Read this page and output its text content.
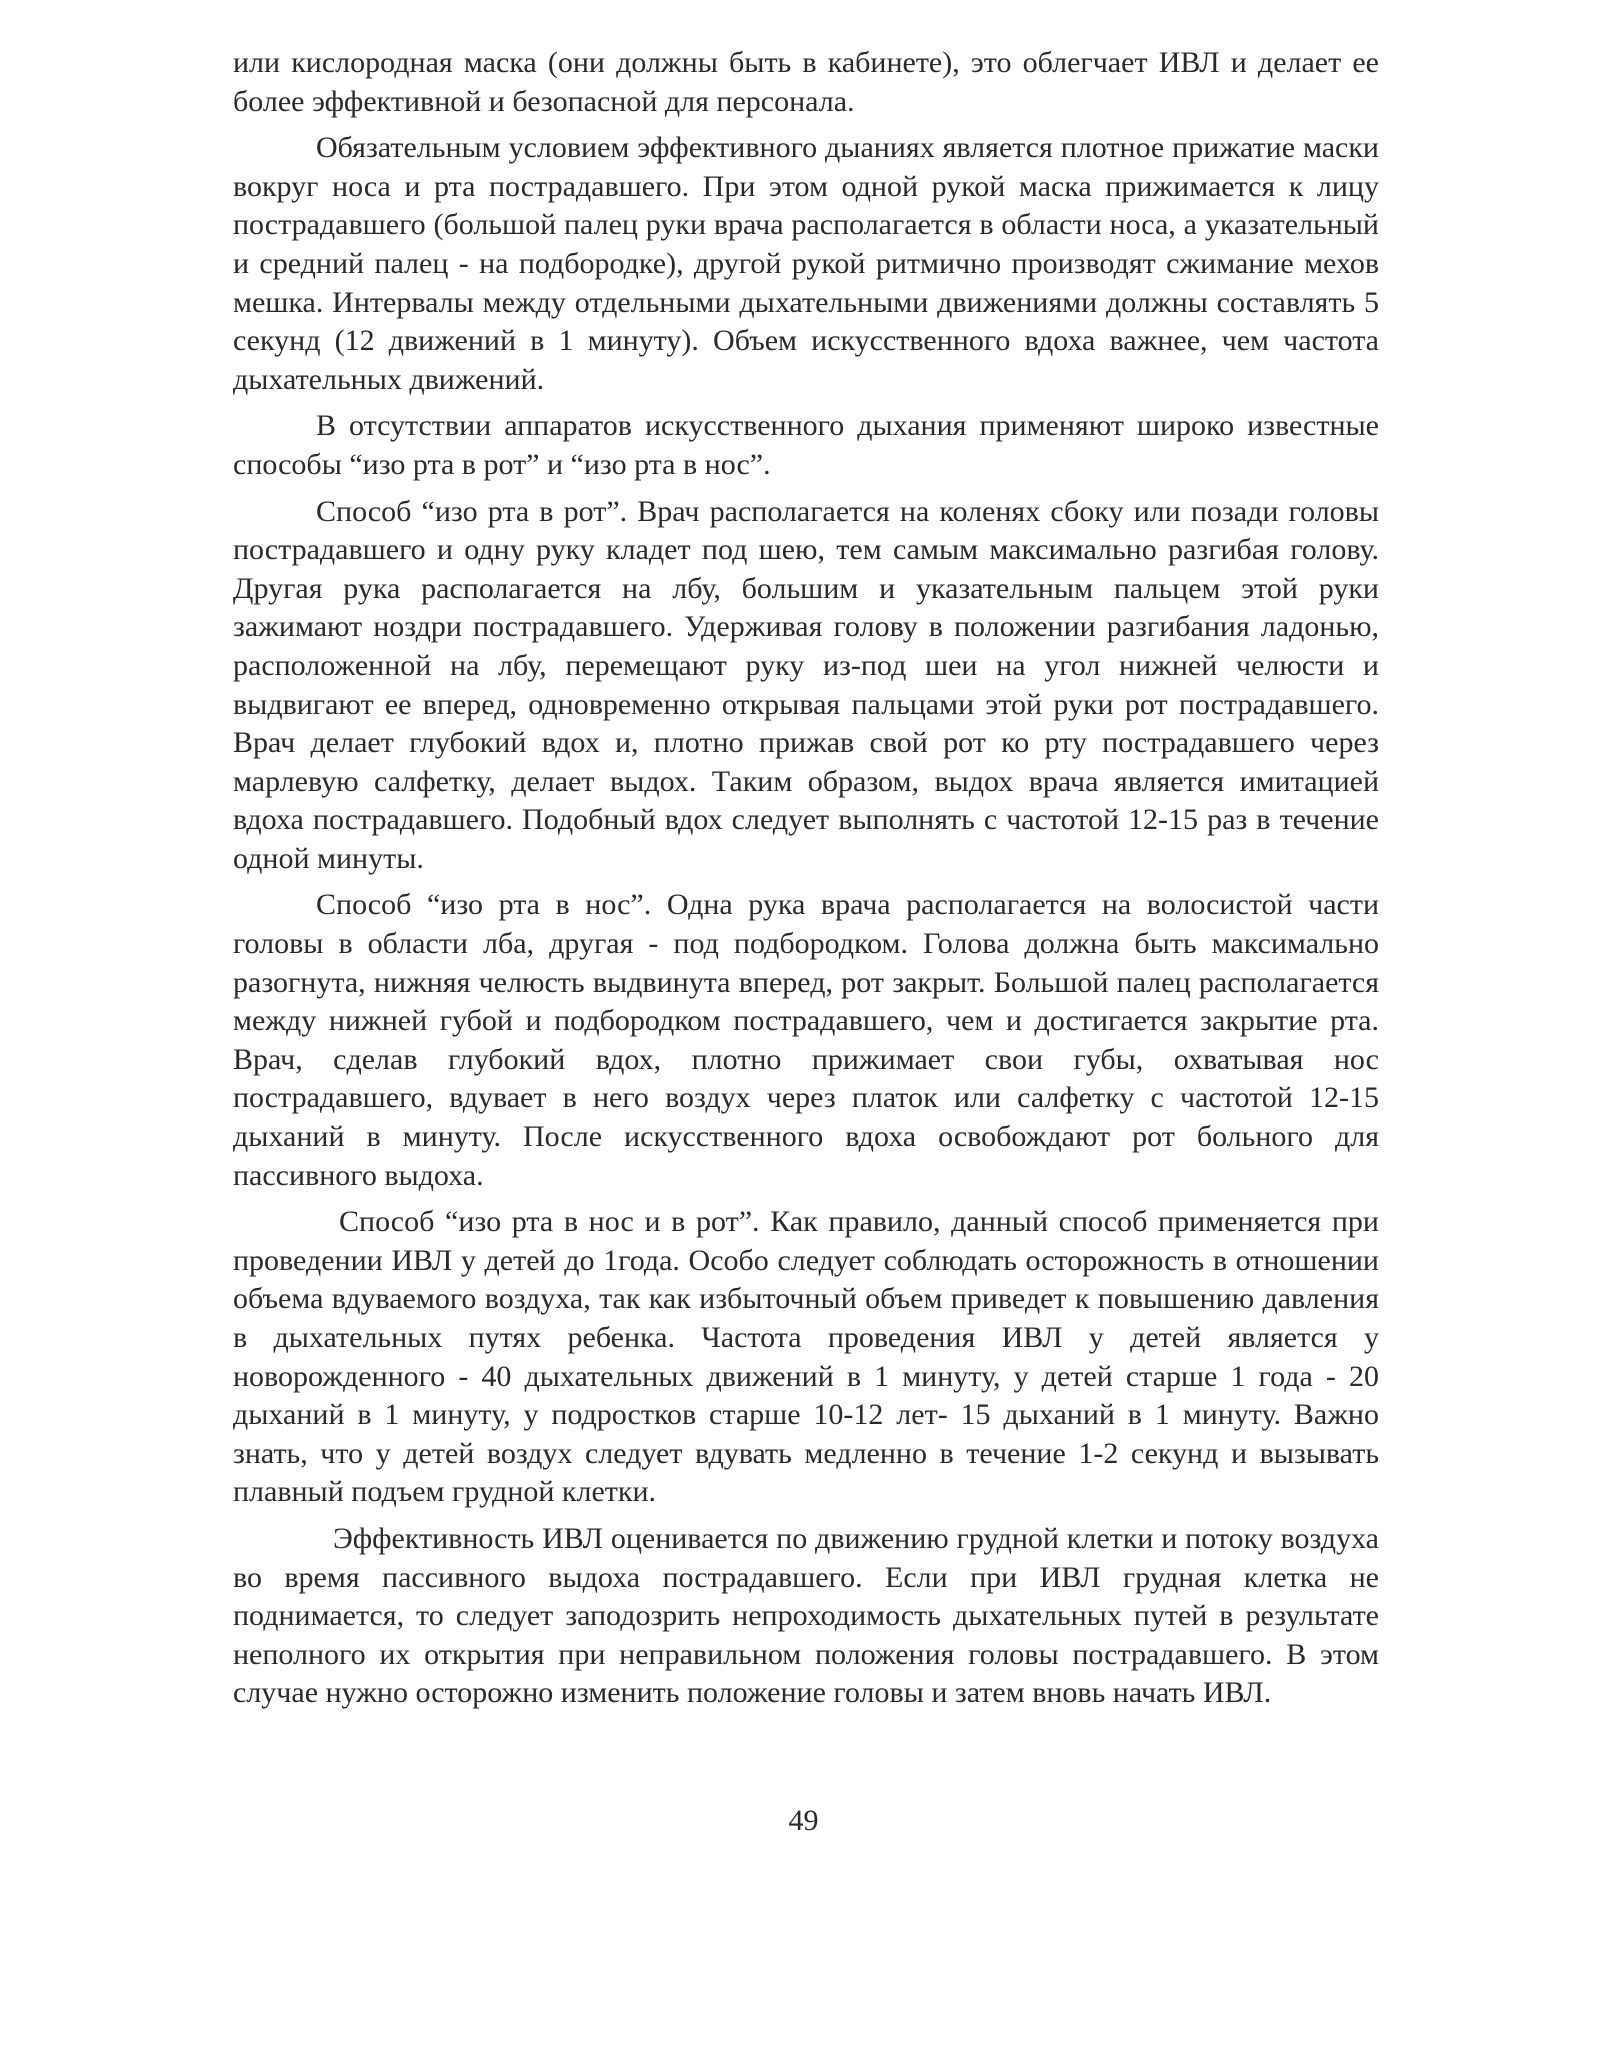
или кислородная маска (они должны быть в кабинете), это облегчает ИВЛ и делает ее более эффективной и безопасной для персонала.

Обязательным условием эффективного дыаниях является плотное прижатие маски вокруг носа и рта пострадавшего. При этом одной рукой маска прижимается к лицу пострадавшего (большой палец руки врача располагается в области носа, а указательный и средний палец - на подбородке), другой рукой ритмично производят сжимание мехов мешка. Интервалы между отдельными дыхательными движениями должны составлять 5 секунд (12 движений в 1 минуту). Объем искусственного вдоха важнее, чем частота дыхательных движений.

В отсутствии аппаратов искусственного дыхания применяют широко известные способы “изо рта в рот” и “изо рта в нос”.

Способ “изо рта в рот”. Врач располагается на коленях сбоку или позади головы пострадавшего и одну руку кладет под шею, тем самым максимально разгибая голову. Другая рука располагается на лбу, большим и указательным пальцем этой руки зажимают ноздри пострадавшего. Удерживая голову в положении разгибания ладонью, расположенной на лбу, перемещают руку из-под шеи на угол нижней челюсти и выдвигают ее вперед, одновременно открывая пальцами этой руки рот пострадавшего. Врач делает глубокий вдох и, плотно прижав свой рот ко рту пострадавшего через марлевую салфетку, делает выдох. Таким образом, выдох врача является имитацией вдоха пострадавшего. Подобный вдох следует выполнять с частотой 12-15 раз в течение одной минуты.

Способ “изо рта в нос”. Одна рука врача располагается на волосистой части головы в области лба, другая - под подбородком. Голова должна быть максимально разогнута, нижняя челюсть выдвинута вперед, рот закрыт. Большой палец располагается между нижней губой и подбородком пострадавшего, чем и достигается закрытие рта. Врач, сделав глубокий вдох, плотно прижимает свои губы, охватывая нос пострадавшего, вдувает в него воздух через платок или салфетку с частотой 12-15 дыханий в минуту. После искусственного вдоха освобождают рот больного для пассивного выдоха.

Способ “изо рта в нос и в рот”. Как правило, данный способ применяется при проведении ИВЛ у детей до 1года. Особо следует соблюдать осторожность в отношении объема вдуваемого воздуха, так как избыточный объем приведет к повышению давления в дыхательных путях ребенка. Частота проведения ИВЛ у детей является у новорожденного - 40 дыхательных движений в 1 минуту, у детей старше 1 года - 20 дыханий в 1 минуту, у подростков старше 10-12 лет- 15 дыханий в 1 минуту. Важно знать, что у детей воздух следует вдувать медленно в течение 1-2 секунд и вызывать плавный подъем грудной клетки.

Эффективность ИВЛ оценивается по движению грудной клетки и потоку воздуха во время пассивного выдоха пострадавшего. Если при ИВЛ грудная клетка не поднимается, то следует заподозрить непроходимость дыхательных путей в результате неполного их открытия при неправильном положения головы пострадавшего. В этом случае нужно осторожно изменить положение головы и затем вновь начать ИВЛ.

49
